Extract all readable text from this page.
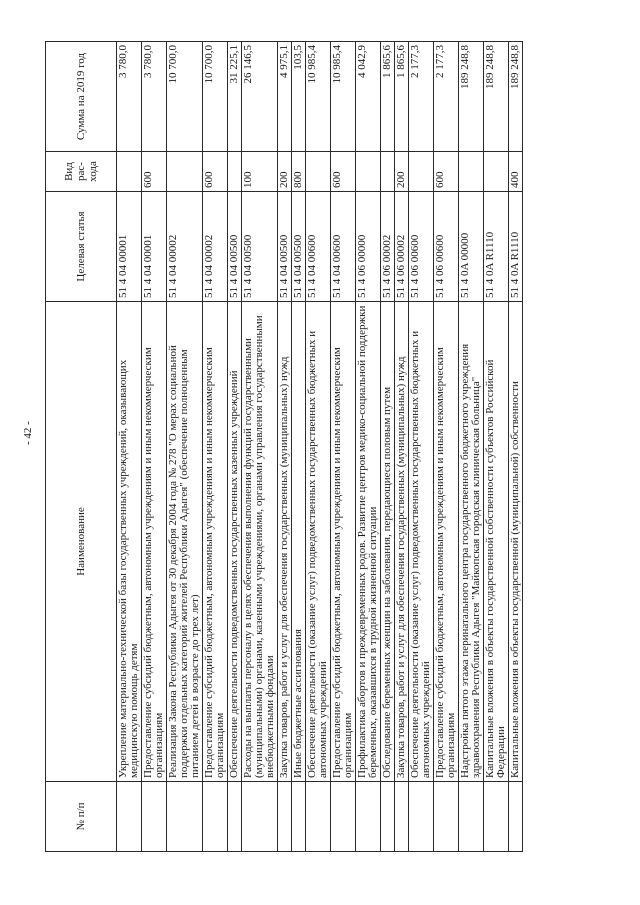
- 42 -
№ п/п	Наименование	Целевая статья	Вид рас-хода	Сумма на 2019 год
	Укрепление материально-технической базы государственных учреждений, оказывающих медицинскую помощь детям	51 4 04 00001		3 780,0
	Предоставление субсидий бюджетным, автономным учреждениям и иным некоммерческим организациям	51 4 04 00001	600	3 780,0
	Реализация Закона Республики Адыгея от 30 декабря 2004 года № 278 "О мерах социальной поддержки отдельных категорий жителей Республики Адыгея" (обеспечение полноценным питанием детей в возрасте до трех лет)	51 4 04 00002		10 700,0
	Предоставление субсидий бюджетным, автономным учреждениям и иным некоммерческим организациям	51 4 04 00002	600	10 700,0
	Обеспечение деятельности подведомственных государственных казенных учреждений	51 4 04 00500		31 225,1
	Расходы на выплаты персоналу в целях обеспечения выполнения функций государственными (муниципальными) органами, казенными учреждениями, органами управления государственными внебюджетными фондами	51 4 04 00500	100	26 146,5
	Закупка товаров, работ и услуг для обеспечения государственных (муниципальных) нужд	51 4 04 00500	200	4 975,1
	Иные бюджетные ассигнования	51 4 04 00500	800	103,5
	Обеспечение деятельности (оказание услуг) подведомственных государственных бюджетных и автономных учреждений	51 4 04 00600		10 985,4
	Предоставление субсидий бюджетным, автономным учреждениям и иным некоммерческим организациям	51 4 04 00600	600	10 985,4
	Профилактика абортов и преждевременных родов. Развитие центров медико-социальной поддержки беременных, оказавшихся в трудной жизненной ситуации	51 4 06 00000		4 042,9
	Обследование беременных женщин на заболевания, передающиеся половым путем	51 4 06 00002		1 865,6
	Закупка товаров, работ и услуг для обеспечения государственных (муниципальных) нужд	51 4 06 00002	200	1 865,6
	Обеспечение деятельности (оказание услуг) подведомственных государственных бюджетных и автономных учреждений	51 4 06 00600		2 177,3
	Предоставление субсидий бюджетным, автономным учреждениям и иным некоммерческим организациям	51 4 06 00600	600	2 177,3
	Надстройка пятого этажа перинатального центра государственного бюджетного учреждения здравоохранения Республики Адыгея "Майкопская городская клиническая больница"	51 4 0A 00000		189 248,8
	Капитальные вложения в объекты государственной собственности субъектов Российской Федерации	51 4 0A R1110		189 248,8
	Капитальные вложения в объекты государственной (муниципальной) собственности	51 4 0A R1110	400	189 248,8
